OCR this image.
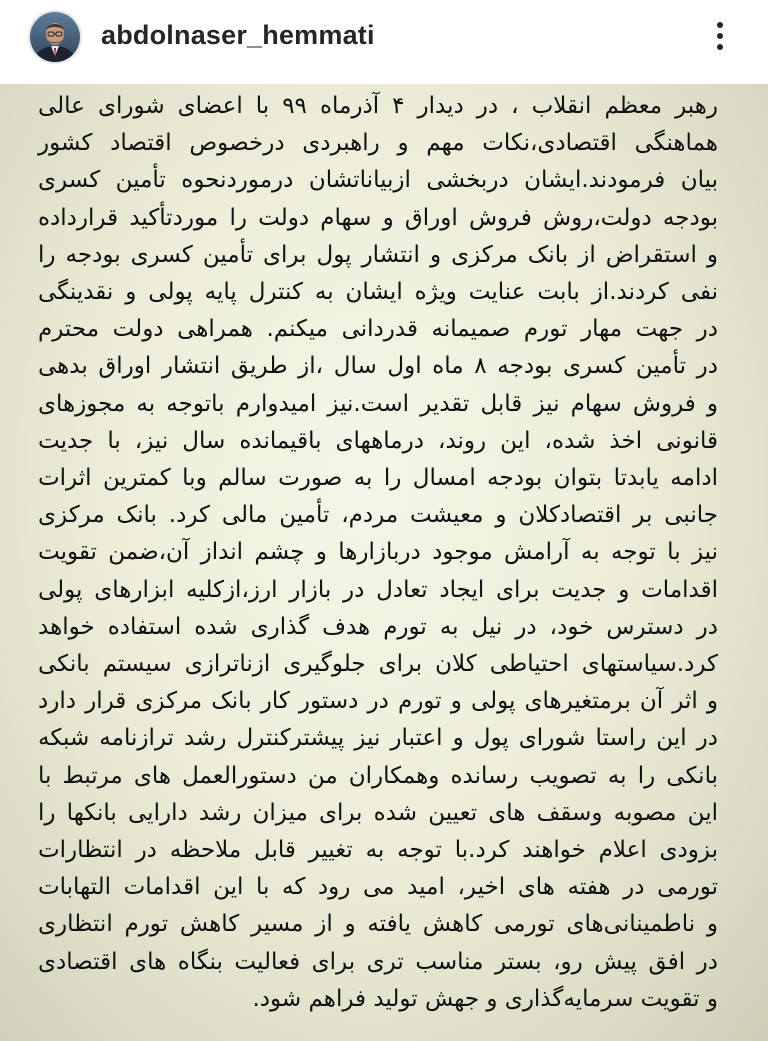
abdolnaser_hemmati
رهبر معظم انقلاب ، در دیدار ۴ آذرماه ۹۹ با اعضای شورای عالی
هماهنگی اقتصادی،نکات مهم و راهبردی درخصوص اقتصاد کشور
بیان فرمودند.ایشان دربخشی ازبیاناتشان درموردنحوه تأمین کسری
بودجه دولت،روش فروش اوراق و سهام دولت را موردتأکید قرارداده
و استقراض از بانک مرکزی و انتشار پول برای تأمین کسری بودجه را
نفی کردند.از بابت عنایت ویژه ایشان به کنترل پایه پولی و نقدینگی
در جهت مهار تورم صمیمانه قدردانی میکنم. همراهی دولت محترم
در تأمین کسری بودجه ۸ ماه اول سال ،از طریق انتشار اوراق بدهی
و فروش سهام نیز قابل تقدیر است.نیز امیدوارم باتوجه به مجوزهای
قانونی اخذ شده، این روند، درماههای باقیمانده سال نیز، با جدیت
ادامه یابدتا بتوان بودجه امسال را به صورت سالم وبا کمترین اثرات
جانبی بر اقتصادکلان و معیشت مردم، تأمین مالی کرد. بانک مرکزی
نیز با توجه به آرامش موجود دربازارها و چشم انداز آن،ضمن تقویت
اقدامات و جدیت برای ایجاد تعادل در بازار ارز،ازکلیه ابزارهای پولی
در دسترس خود، در نیل به تورم هدف گذاری شده استفاده خواهد
کرد.سیاستهای احتیاطی کلان برای جلوگیری ازناترازی سیستم بانکی
و اثر آن برمتغیرهای پولی و تورم در دستور کار بانک مرکزی قرار دارد
در این راستا شورای پول و اعتبار نیز پیشترکنترل رشد ترازنامه شبکه
بانکی را به تصویب رسانده وهمکاران من دستورالعمل های مرتبط با
این مصوبه وسقف های تعیین شده برای میزان رشد دارایی بانکها را
بزودی اعلام خواهند کرد.با توجه به تغییر قابل ملاحظه در انتظارات
تورمی در هفته های اخیر، امید می رود که با این اقدامات التهابات
و ناطمینانی‌های تورمی کاهش یافته و از مسیر کاهش تورم انتظاری
در افق پیش رو، بستر مناسب تری برای فعالیت بنگاه های اقتصادی
و تقویت سرمایه‌گذاری و جهش تولید فراهم شود.
